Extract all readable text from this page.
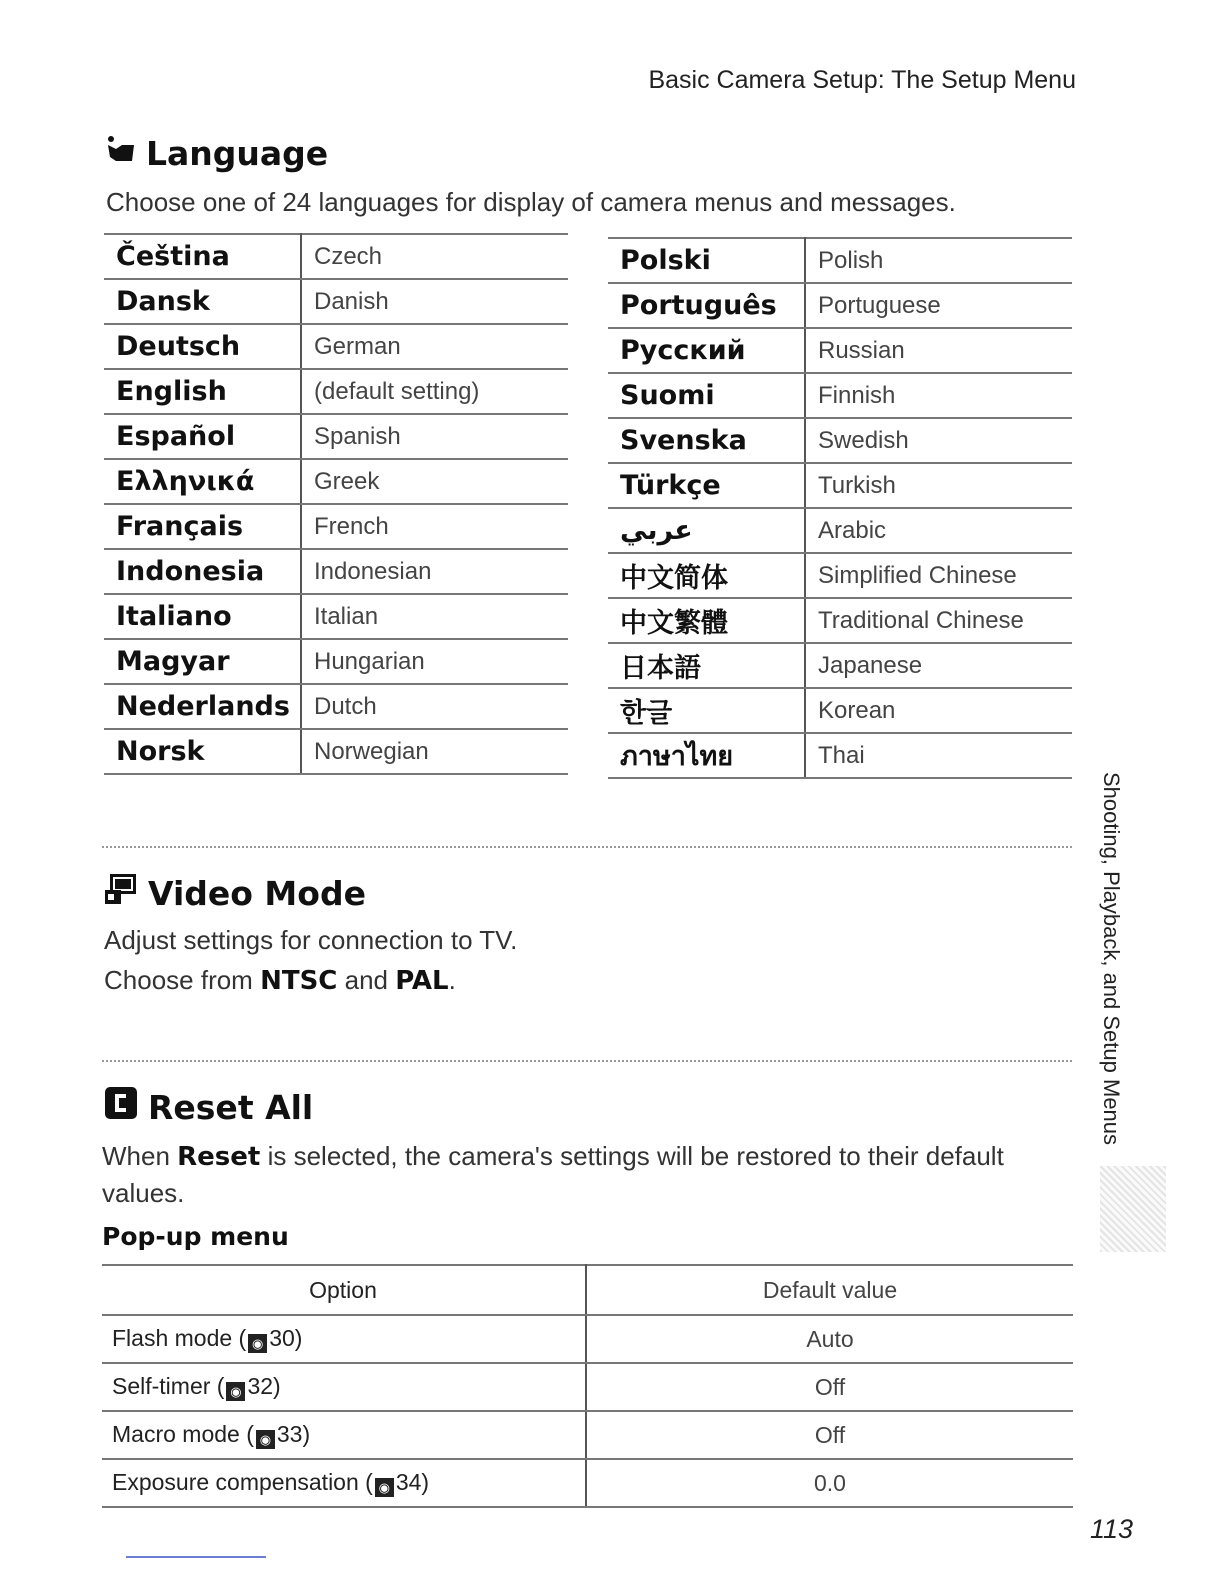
Basic Camera Setup: The Setup Menu
Language
Choose one of 24 languages for display of camera menus and messages.
Čeština	Czech
Dansk	Danish
Deutsch	German
English	(default setting)
Español	Spanish
Ελληνικά	Greek
Français	French
Indonesia	Indonesian
Italiano	Italian
Magyar	Hungarian
Nederlands	Dutch
Norsk	Norwegian
Polski	Polish
Português	Portuguese
Русский	Russian
Suomi	Finnish
Svenska	Swedish
Türkçe	Turkish
عربي	Arabic
中文简体	Simplified Chinese
中文繁體	Traditional Chinese
日本語	Japanese
한글	Korean
ภาษาไทย	Thai
Video Mode
Adjust settings for connection to TV.
Choose from NTSC and PAL.
Reset All
When Reset is selected, the camera's settings will be restored to their default values.
Pop-up menu
Option	Default value
Flash mode ( ◉ 30)	Auto
Self-timer ( ◉ 32)	Off
Macro mode ( ◉ 33)	Off
Exposure compensation ( ◉ 34)	0.0
Shooting, Playback, and Setup Menus
113
